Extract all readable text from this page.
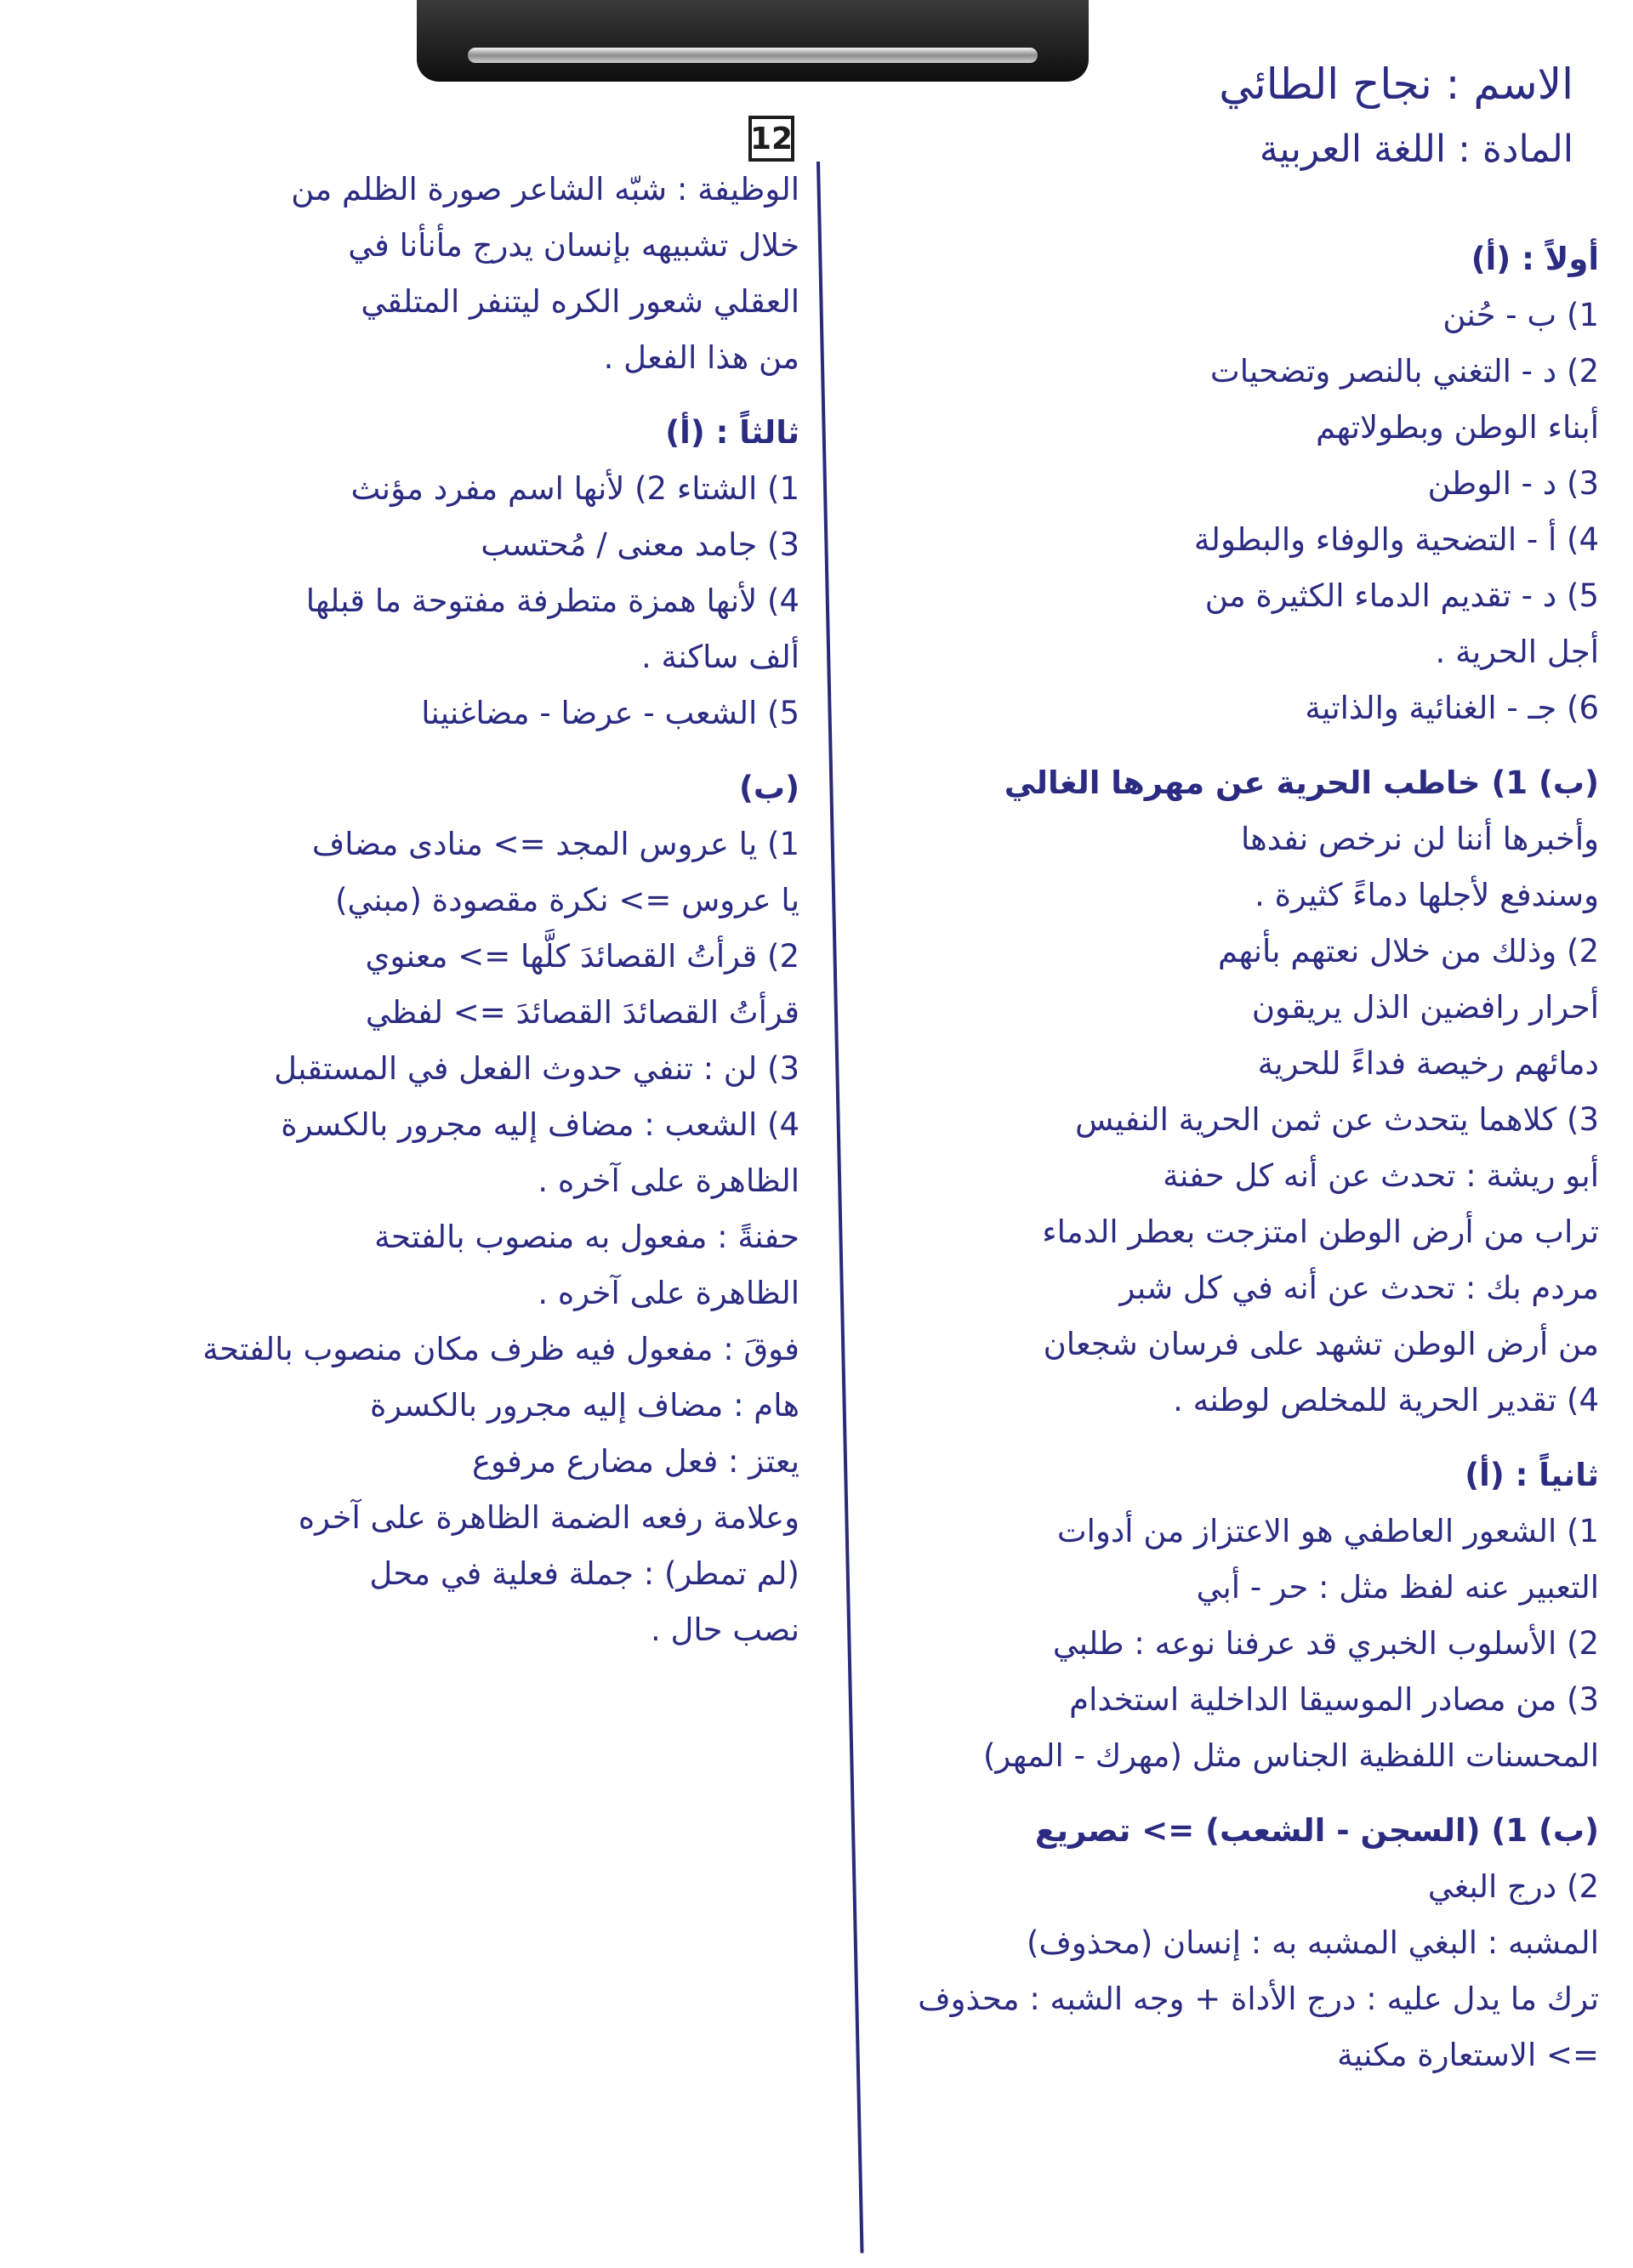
الاسم : نجاح الطائي
المادة : اللغة العربية
12
أولاً : (أ)
1) ب - حُنن
2) د - التغني بالنصر وتضحيات
أبناء الوطن وبطولاتهم
3) د - الوطن
4) أ - التضحية والوفاء والبطولة
5) د - تقديم الدماء الكثيرة من
أجل الحرية .
6) جـ - الغنائية والذاتية
(ب) 1) خاطب الحرية عن مهرها الغالي
وأخبرها أننا لن نرخص نفدها
وسندفع لأجلها دماءً كثيرة .
2) وذلك من خلال نعتهم بأنهم
أحرار رافضين الذل يريقون
دمائهم رخيصة فداءً للحرية
3) كلاهما يتحدث عن ثمن الحرية النفيس
أبو ريشة : تحدث عن أنه كل حفنة
تراب من أرض الوطن امتزجت بعطر الدماء
مردم بك : تحدث عن أنه في كل شبر
من أرض الوطن تشهد على فرسان شجعان
4) تقدير الحرية للمخلص لوطنه .
ثانياً : (أ)
1) الشعور العاطفي هو الاعتزاز من أدوات
التعبير عنه لفظ مثل : حر - أبي
2) الأسلوب الخبري قد عرفنا نوعه : طلبي
3) من مصادر الموسيقا الداخلية استخدام
المحسنات اللفظية الجناس مثل (مهرك - المهر)
(ب) 1) (السجن - الشعب) => تصريع
2) درج البغي
المشبه : البغي المشبه به : إنسان (محذوف)
ترك ما يدل عليه : درج الأداة + وجه الشبه : محذوف
=> الاستعارة مكنية
الوظيفة : شبّه الشاعر صورة الظلم من
خلال تشبيهه بإنسان يدرج مأنأنا في
العقلي شعور الكره ليتنفر المتلقي
من هذا الفعل .
ثالثاً : (أ)
1) الشتاء 2) لأنها اسم مفرد مؤنث
3) جامد معنى / مُحتسب
4) لأنها همزة متطرفة مفتوحة ما قبلها
ألف ساكنة .
5) الشعب - عرضا - مضاغنينا
(ب)
1) يا عروس المجد => منادى مضاف
يا عروس => نكرة مقصودة (مبني)
2) قرأتُ القصائدَ كلَّها => معنوي
قرأتُ القصائدَ القصائدَ => لفظي
3) لن : تنفي حدوث الفعل في المستقبل
4) الشعب : مضاف إليه مجرور بالكسرة
الظاهرة على آخره .
حفنةً : مفعول به منصوب بالفتحة
الظاهرة على آخره .
فوقَ : مفعول فيه ظرف مكان منصوب بالفتحة
هام : مضاف إليه مجرور بالكسرة
يعتز : فعل مضارع مرفوع
وعلامة رفعه الضمة الظاهرة على آخره
(لم تمطر) : جملة فعلية في محل
نصب حال .
